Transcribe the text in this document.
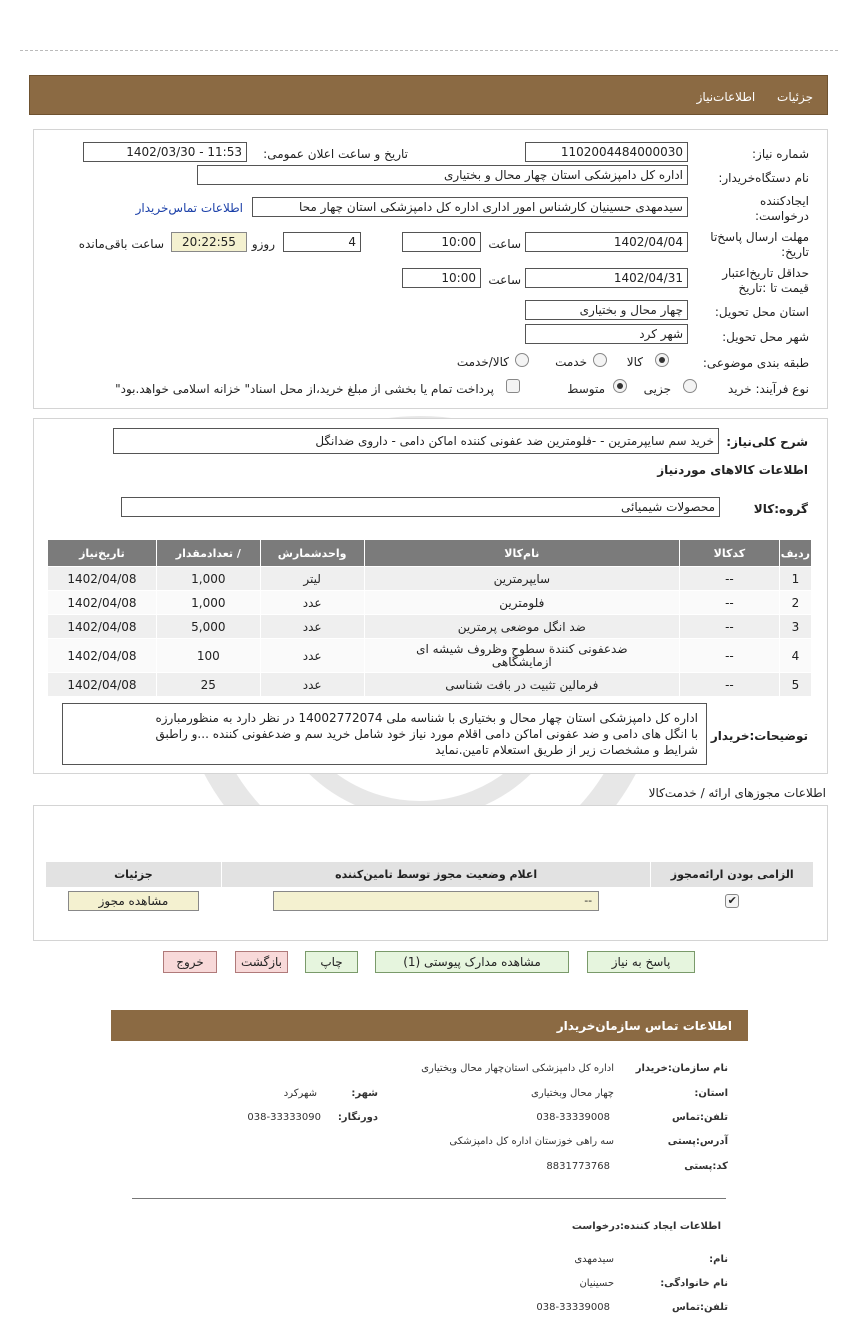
جزئیات اطلاعات‌نیاز
شماره نیاز:
1102004484000030
تاریخ و ساعت اعلان عمومی:
1402/03/30 - 11:53
نام دستگاه‌خریدار:
اداره کل دامپزشکی استان چهار محال و بختیاری
ایجادکننده
درخواست:
سیدمهدی حسینیان کارشناس امور اداری اداره کل دامپزشکی استان چهار محا
اطلاعات تماس‌خریدار
مهلت ارسال پاسخ‌تا
تاریخ:
1402/04/04
ساعت
10:00
4
روزو
20:22:55
ساعت باقی‌مانده
حداقل تاریخ‌اعتبار
قیمت تا :تاریخ
1402/04/31
ساعت
10:00
استان محل تحویل:
چهار محال و بختیاری
شهر محل تحویل:
شهر کرد
طبقه بندی موضوعی:
کالا
خدمت
کالا/خدمت
نوع فرآیند: خرید
جزیی
متوسط
پرداخت تمام یا بخشی از مبلغ خرید،از محل اسناد" خزانه اسلامی خواهد.بود"
شرح کلی‌نیاز:
خرید سم سایپرمترین - -فلومترین ضد عفونی کننده اماکن دامی - داروی ضدانگل
اطلاعات کالاهای موردنیاز
گروه:کالا
محصولات شیمیائی
ردیف	کدکالا	نام‌کالا	واحدشمارش	/ تعدادمقدار	تاریخ‌نیاز
1	--	سایپرمترین	لیتر	1,000	1402/04/08
2	--	فلومترین	عدد	1,000	1402/04/08
3	--	ضد انگل موضعی پرمترین	عدد	5,000	1402/04/08
4	--	ضدعفونی کنندة سطوح وظروف شیشه ای ازمایشگاهی	عدد	100	1402/04/08
5	--	فرمالین تثبیت در بافت شناسی	عدد	25	1402/04/08
توضیحات:خریدار
اداره کل دامپزشکی استان چهار محال و بختیاری با شناسه ملی 14002772074 در نظر دارد به منظورمبارزه
با انگل های دامی و ضد عفونی اماکن دامی اقلام مورد نیاز خود شامل خرید سم و ضدعفونی کننده ...و راطبق
شرایط و مشخصات زیر از طریق استعلام تامین.نماید
اطلاعات مجوزهای ارائه / خدمت‌کالا
الزامی بودن ارائه‌مجوز	اعلام وضعیت مجوز توسط تامین‌کننده	جزئیات
✔	--	مشاهده مجوز
پاسخ به نیاز
مشاهده مدارک پیوستی (1)
چاپ
بازگشت
خروج
اطلاعات تماس سازمان‌خریدار
نام سازمان:خریدار
اداره کل دامپزشکی استان‌چهار محال وبختیاری
استان:
چهار محال وبختیاری
شهر:
شهرکرد
تلفن:تماس
038-33339008
دورنگار:
038-33333090
آدرس:پستی
سه راهی خوزستان اداره کل دامپزشکی
کد:پستی
8831773768
اطلاعات ایجاد کننده:درخواست
نام:
سیدمهدی
نام خانوادگی:
حسینیان
تلفن:تماس
038-33339008
